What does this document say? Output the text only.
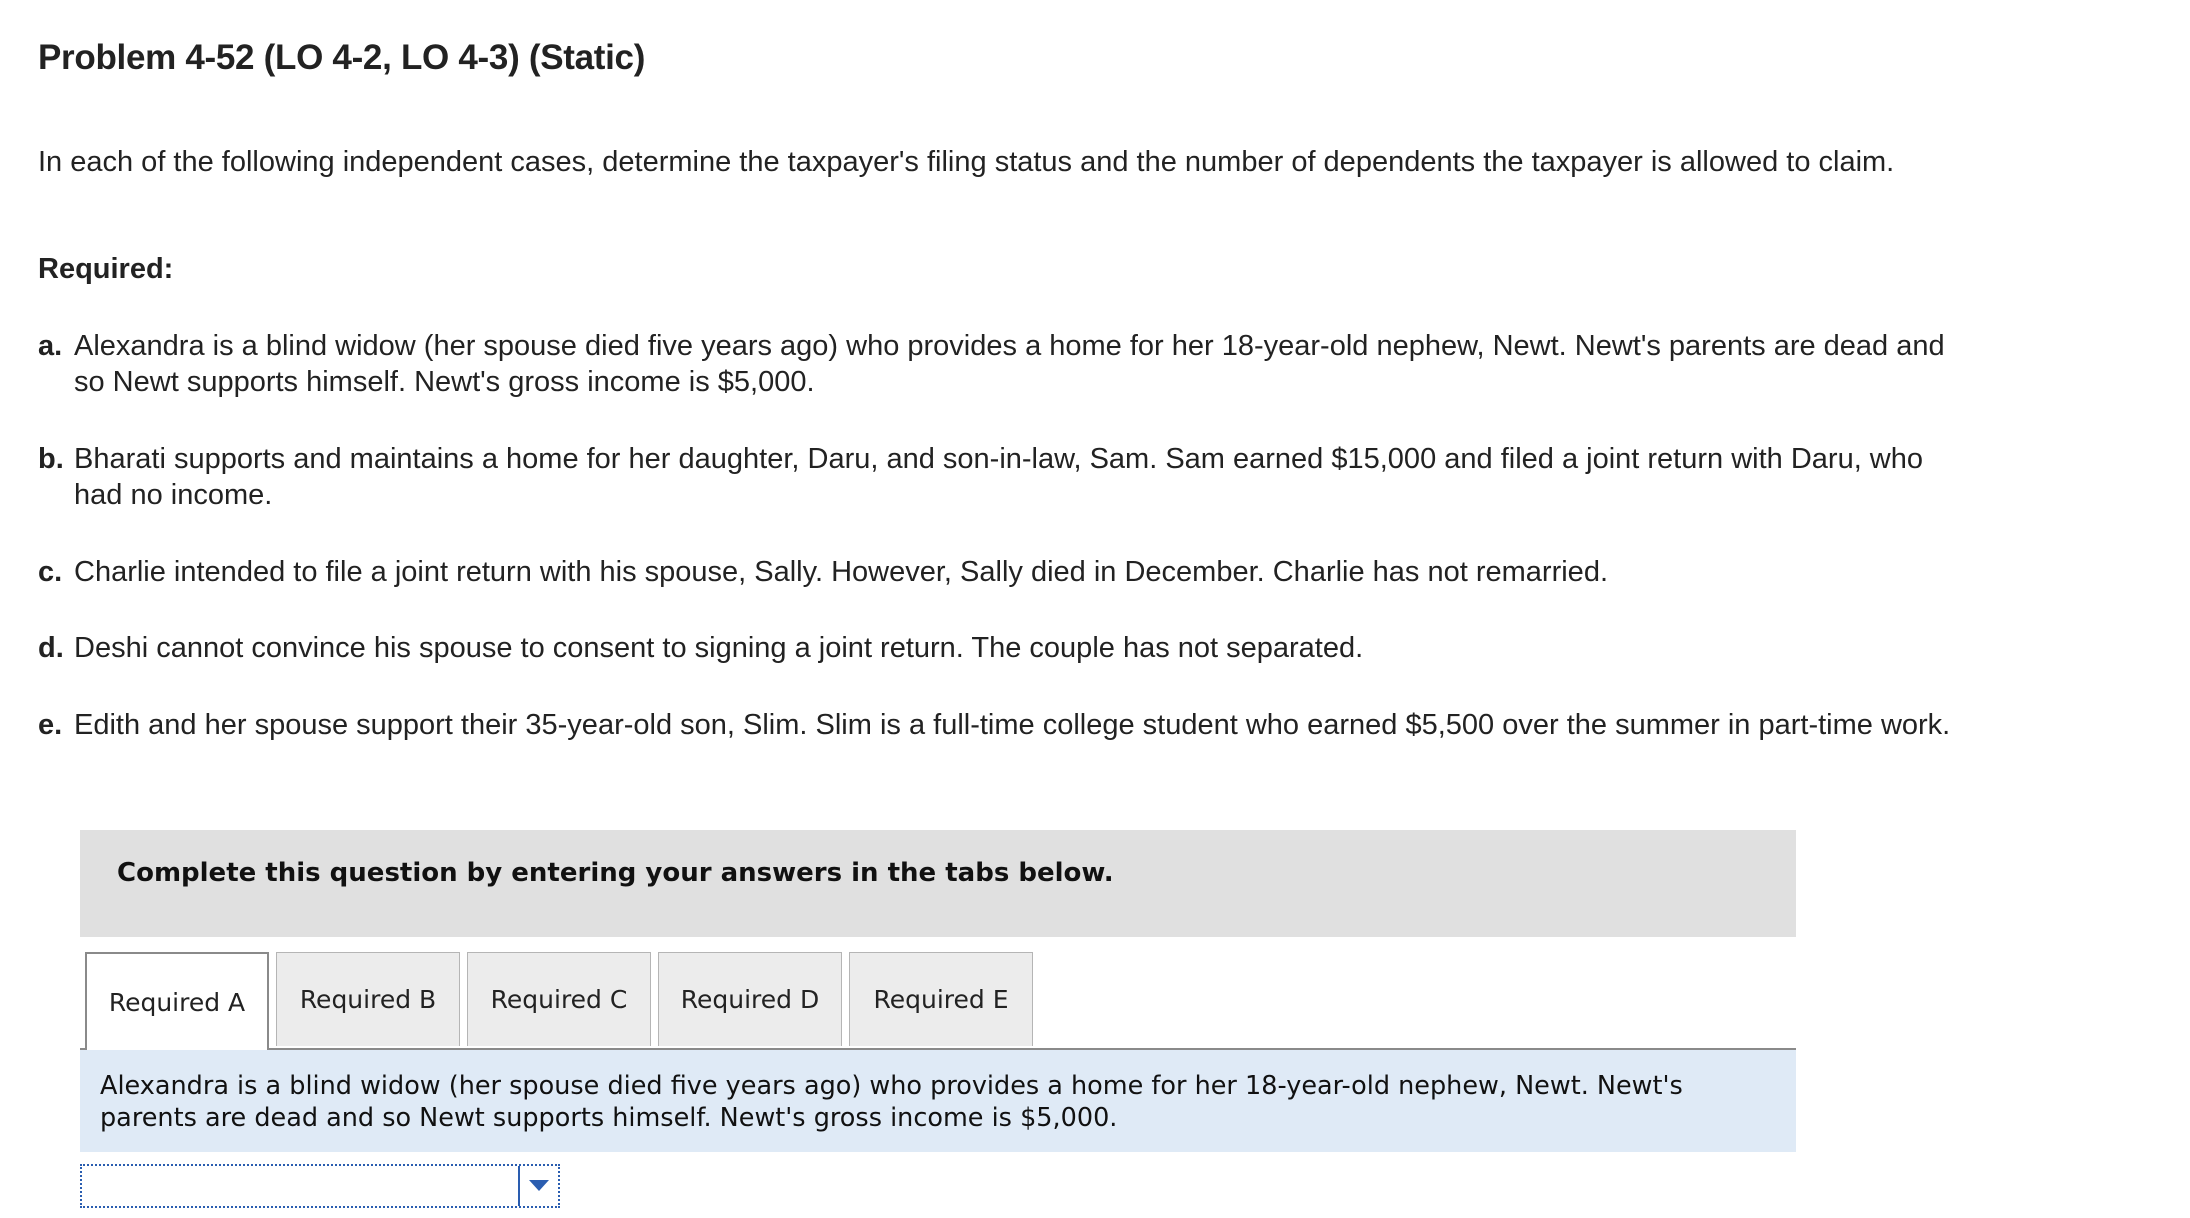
Problem 4-52 (LO 4-2, LO 4-3) (Static)

In each of the following independent cases, determine the taxpayer's filing status and the number of dependents the taxpayer is allowed to claim.

Required:

a. Alexandra is a blind widow (her spouse died five years ago) who provides a home for her 18-year-old nephew, Newt. Newt's parents are dead and so Newt supports himself. Newt's gross income is $5,000.

b. Bharati supports and maintains a home for her daughter, Daru, and son-in-law, Sam. Sam earned $15,000 and filed a joint return with Daru, who had no income.

c. Charlie intended to file a joint return with his spouse, Sally. However, Sally died in December. Charlie has not remarried.

d. Deshi cannot convince his spouse to consent to signing a joint return. The couple has not separated.

e. Edith and her spouse support their 35-year-old son, Slim. Slim is a full-time college student who earned $5,500 over the summer in part-time work.

Complete this question by entering your answers in the tabs below.
Required A	Required B	Required C	Required D	Required E
Alexandra is a blind widow (her spouse died five years ago) who provides a home for her 18-year-old nephew, Newt. Newt's parents are dead and so Newt supports himself. Newt's gross income is $5,000.
